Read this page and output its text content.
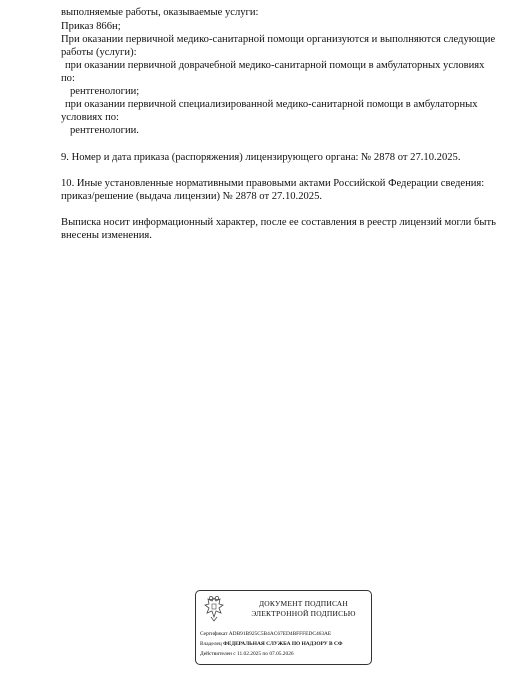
выполняемые работы, оказываемые услуги:
Приказ 866н;
При оказании первичной медико-санитарной помощи организуются и выполняются следующие
работы (услуги):
при оказании первичной доврачебной медико-санитарной помощи в амбулаторных условиях
по:
рентгенологии;
при оказании первичной специализированной медико-санитарной помощи в амбулаторных
условиях по:
рентгенологии.
9. Номер и дата приказа (распоряжения) лицензирующего органа: № 2878 от 27.10.2025.
10. Иные установленные нормативными правовыми актами Российской Федерации сведения:
приказ/решение (выдача лицензии) № 2878 от 27.10.2025.
Выписка носит информационный характер, после ее составления в реестр лицензий могли быть
внесены изменения.
ДОКУМЕНТ ПОДПИСАН
ЭЛЕКТРОННОЙ ПОДПИСЬЮ
Сертификат ADB91B925C5B4AC67ED4BFFFEDC463AE
Владелец ФЕДЕРАЛЬНАЯ СЛУЖБА ПО НАДЗОРУ В СФ
Действителен с 11.02.2025 по 07.05.2026
·
